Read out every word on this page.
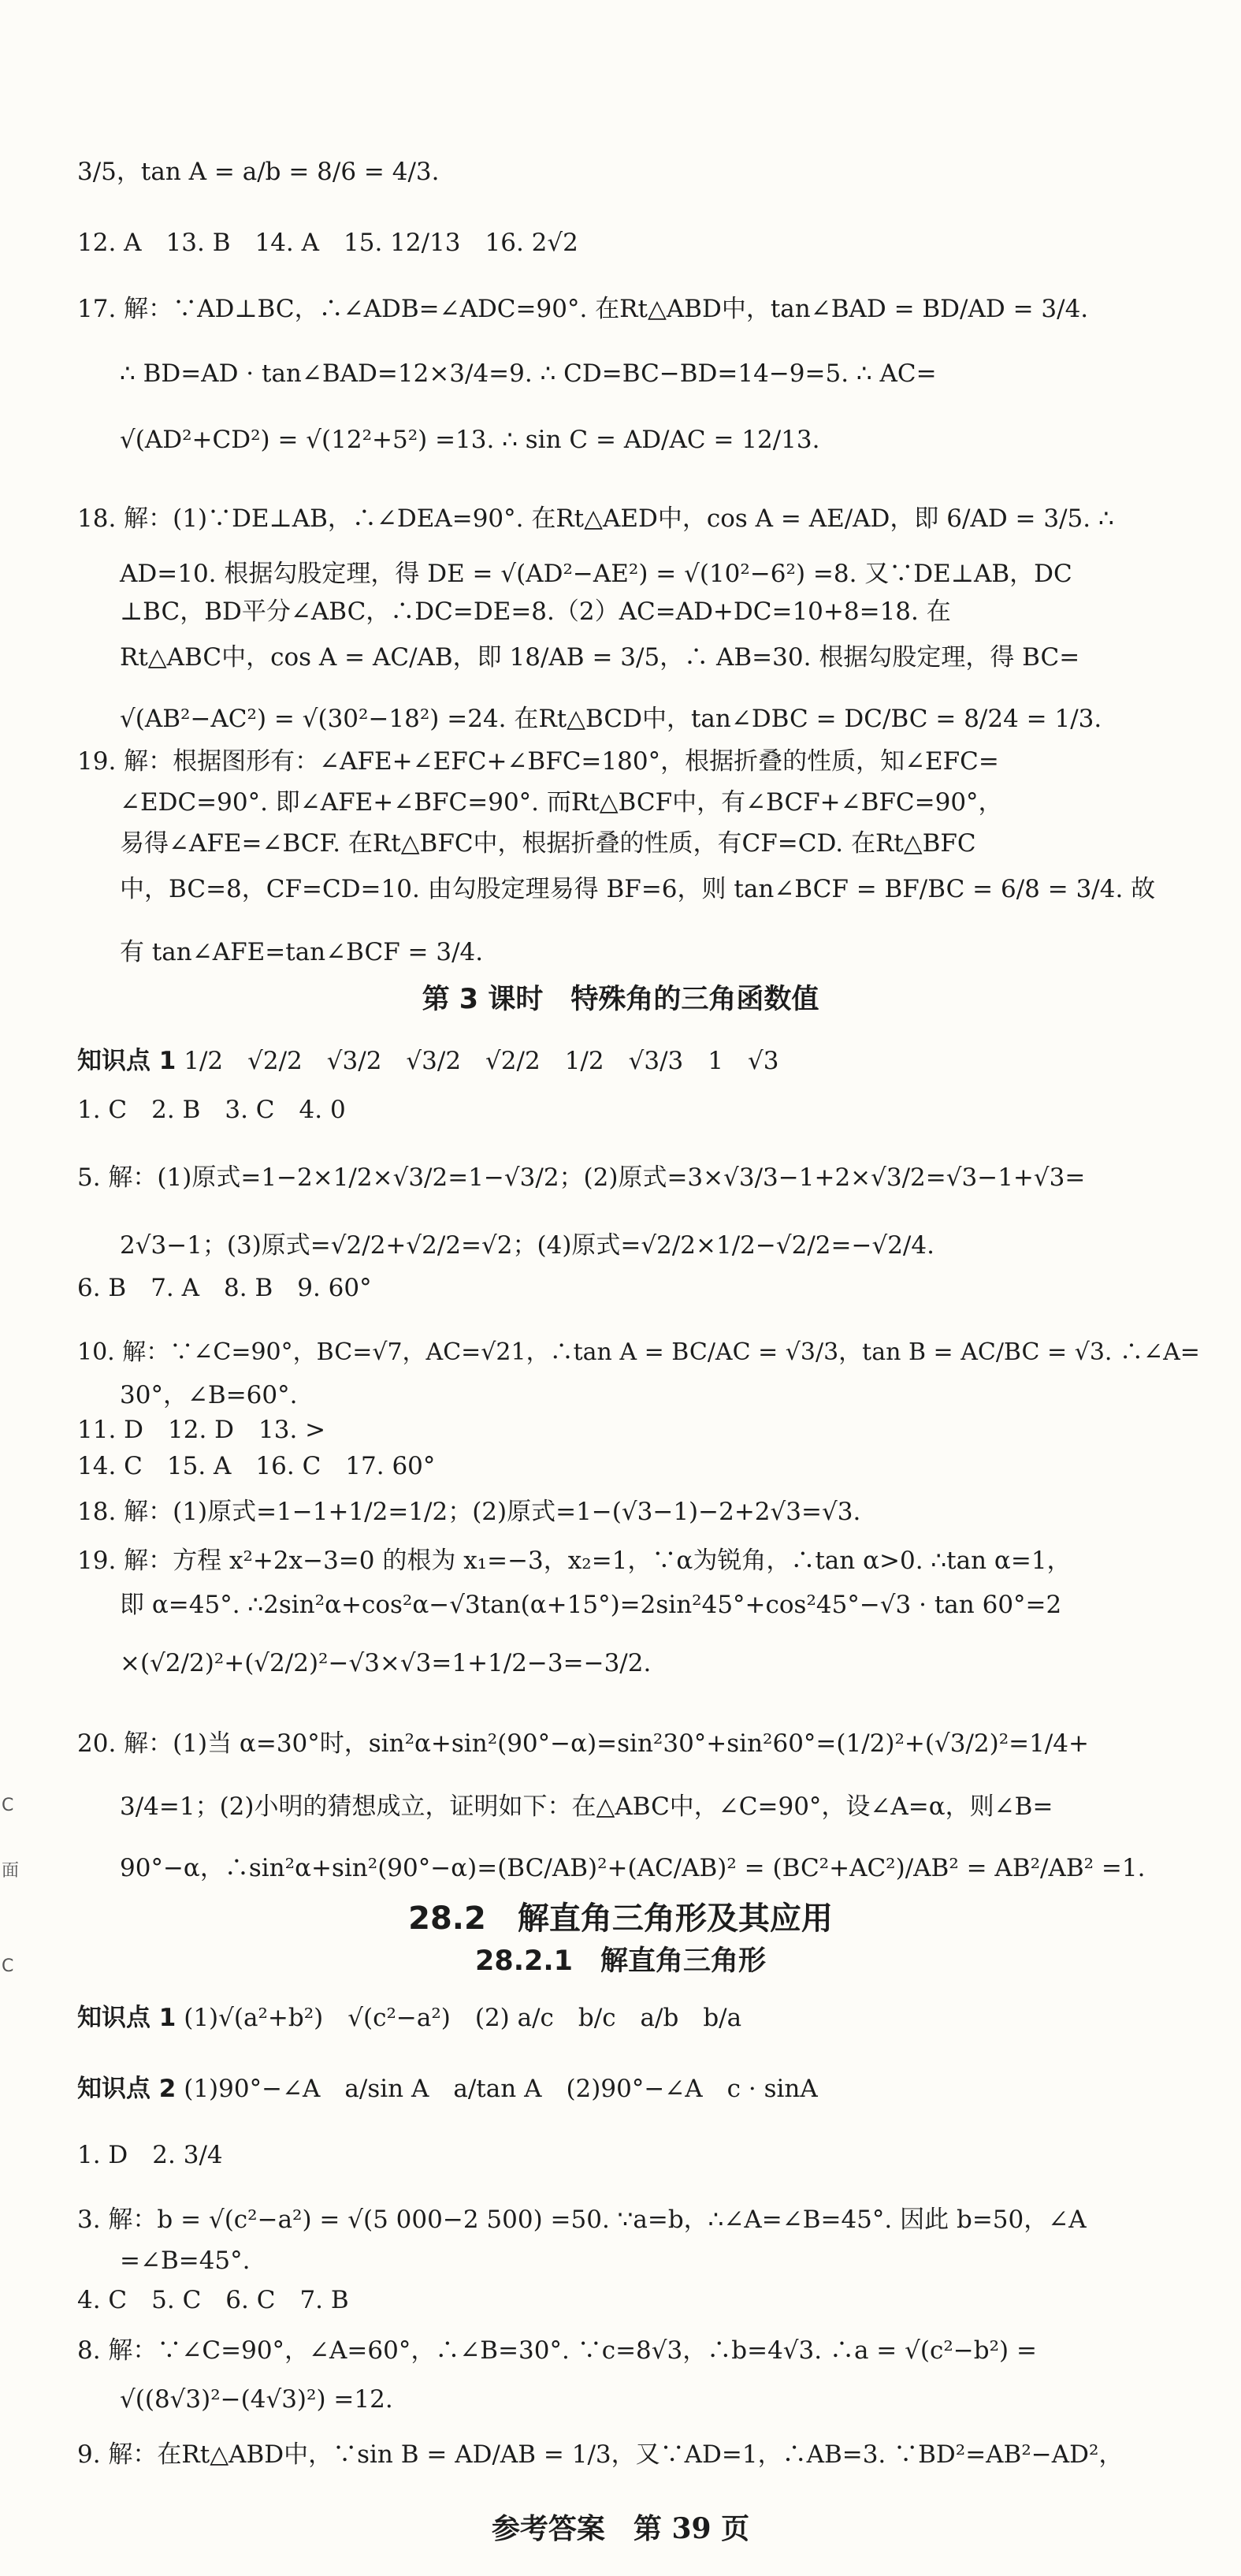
3/5，tan A = a/b = 8/6 = 4/3.
12. A　13. B　14. A　15. 12/13　16. 2√2
17. 解：∵AD⊥BC，∴∠ADB=∠ADC=90°. 在Rt△ABD中，tan∠BAD = BD/AD = 3/4.
∴ BD=AD · tan∠BAD=12×3/4=9. ∴ CD=BC−BD=14−9=5. ∴ AC=
√(AD²+CD²) = √(12²+5²) =13. ∴ sin C = AD/AC = 12/13.
18. 解：(1)∵DE⊥AB，∴∠DEA=90°. 在Rt△AED中，cos A = AE/AD，即 6/AD = 3/5. ∴
AD=10. 根据勾股定理，得 DE = √(AD²−AE²) = √(10²−6²) =8. 又∵DE⊥AB，DC
⊥BC，BD平分∠ABC，∴DC=DE=8.（2）AC=AD+DC=10+8=18. 在
Rt△ABC中，cos A = AC/AB，即 18/AB = 3/5，∴ AB=30. 根据勾股定理，得 BC=
√(AB²−AC²) = √(30²−18²) =24. 在Rt△BCD中，tan∠DBC = DC/BC = 8/24 = 1/3.
19. 解：根据图形有：∠AFE+∠EFC+∠BFC=180°，根据折叠的性质，知∠EFC=
∠EDC=90°. 即∠AFE+∠BFC=90°. 而Rt△BCF中，有∠BCF+∠BFC=90°，
易得∠AFE=∠BCF. 在Rt△BFC中，根据折叠的性质，有CF=CD. 在Rt△BFC
中，BC=8，CF=CD=10. 由勾股定理易得 BF=6，则 tan∠BCF = BF/BC = 6/8 = 3/4. 故
有 tan∠AFE=tan∠BCF = 3/4.
第 3 课时　特殊角的三角函数值
知识点 1 1/2　√2/2　√3/2　√3/2　√2/2　1/2　√3/3　1　√3
1. C　2. B　3. C　4. 0
5. 解：(1)原式=1−2×1/2×√3/2=1−√3/2；(2)原式=3×√3/3−1+2×√3/2=√3−1+√3=
2√3−1；(3)原式=√2/2+√2/2=√2；(4)原式=√2/2×1/2−√2/2=−√2/4.
6. B　7. A　8. B　9. 60°
10. 解：∵∠C=90°，BC=√7，AC=√21，∴tan A = BC/AC = √3/3，tan B = AC/BC = √3. ∴∠A=
30°，∠B=60°.
11. D　12. D　13. >
14. C　15. A　16. C　17. 60°
18. 解：(1)原式=1−1+1/2=1/2；(2)原式=1−(√3−1)−2+2√3=√3.
19. 解：方程 x²+2x−3=0 的根为 x₁=−3，x₂=1，∵α为锐角，∴tan α>0. ∴tan α=1，
即 α=45°. ∴2sin²α+cos²α−√3tan(α+15°)=2sin²45°+cos²45°−√3 · tan 60°=2
×(√2/2)²+(√2/2)²−√3×√3=1+1/2−3=−3/2.
20. 解：(1)当 α=30°时，sin²α+sin²(90°−α)=sin²30°+sin²60°=(1/2)²+(√3/2)²=1/4+
3/4=1；(2)小明的猜想成立，证明如下：在△ABC中，∠C=90°，设∠A=α，则∠B=
90°−α，∴sin²α+sin²(90°−α)=(BC/AB)²+(AC/AB)² = (BC²+AC²)/AB² = AB²/AB² =1.
28.2　解直角三角形及其应用
28.2.1　解直角三角形
知识点 1 (1)√(a²+b²)　√(c²−a²)　(2) a/c　b/c　a/b　b/a
知识点 2 (1)90°−∠A　a/sin A　a/tan A　(2)90°−∠A　c · sinA
1. D　2. 3/4
3. 解：b = √(c²−a²) = √(5 000−2 500) =50. ∵a=b，∴∠A=∠B=45°. 因此 b=50，∠A
=∠B=45°.
4. C　5. C　6. C　7. B
8. 解：∵∠C=90°，∠A=60°，∴∠B=30°. ∵c=8√3，∴b=4√3. ∴a = √(c²−b²) =
√((8√3)²−(4√3)²) =12.
9. 解：在Rt△ABD中，∵sin B = AD/AB = 1/3，又∵AD=1，∴AB=3. ∵BD²=AB²−AD²，
参考答案　第 39 页
C
面
C
